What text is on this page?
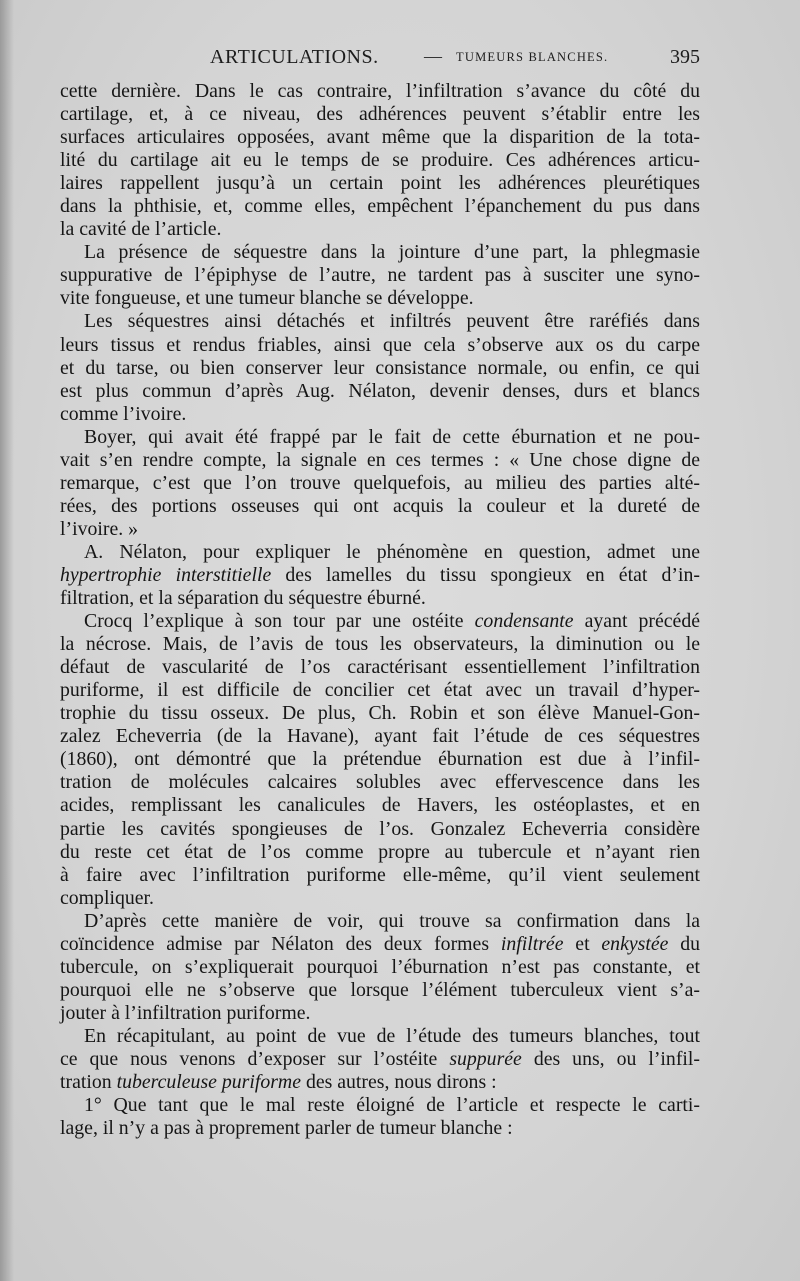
ARTICULATIONS.	— TUMEURS BLANCHES.	395
cette dernière. Dans le cas contraire, l’infiltration s’avance du côté du
cartilage, et, à ce niveau, des adhérences peuvent s’établir entre les
surfaces articulaires opposées, avant même que la disparition de la tota-
lité du cartilage ait eu le temps de se produire. Ces adhérences articu-
laires rappellent jusqu’à un certain point les adhérences pleurétiques
dans la phthisie, et, comme elles, empêchent l’épanchement du pus dans
la cavité de l’article.
La présence de séquestre dans la jointure d’une part, la phlegmasie
suppurative de l’épiphyse de l’autre, ne tardent pas à susciter une syno-
vite fongueuse, et une tumeur blanche se développe.
Les séquestres ainsi détachés et infiltrés peuvent être raréfiés dans
leurs tissus et rendus friables, ainsi que cela s’observe aux os du carpe
et du tarse, ou bien conserver leur consistance normale, ou enfin, ce qui
est plus commun d’après Aug. Nélaton, devenir denses, durs et blancs
comme l’ivoire.
Boyer, qui avait été frappé par le fait de cette éburnation et ne pou-
vait s’en rendre compte, la signale en ces termes : « Une chose digne de
remarque, c’est que l’on trouve quelquefois, au milieu des parties alté-
rées, des portions osseuses qui ont acquis la couleur et la dureté de
l’ivoire. »
A. Nélaton, pour expliquer le phénomène en question, admet une
hypertrophie interstitielle des lamelles du tissu spongieux en état d’in-
filtration, et la séparation du séquestre éburné.
Crocq l’explique à son tour par une ostéite condensante ayant précédé
la nécrose. Mais, de l’avis de tous les observateurs, la diminution ou le
défaut de vascularité de l’os caractérisant essentiellement l’infiltration
puriforme, il est difficile de concilier cet état avec un travail d’hyper-
trophie du tissu osseux. De plus, Ch. Robin et son élève Manuel-Gon-
zalez Echeverria (de la Havane), ayant fait l’étude de ces séquestres
(1860), ont démontré que la prétendue éburnation est due à l’infil-
tration de molécules calcaires solubles avec effervescence dans les
acides, remplissant les canalicules de Havers, les ostéoplastes, et en
partie les cavités spongieuses de l’os. Gonzalez Echeverria considère
du reste cet état de l’os comme propre au tubercule et n’ayant rien
à faire avec l’infiltration puriforme elle-même, qu’il vient seulement
compliquer.
D’après cette manière de voir, qui trouve sa confirmation dans la
coïncidence admise par Nélaton des deux formes infiltrée et enkystée du
tubercule, on s’expliquerait pourquoi l’éburnation n’est pas constante, et
pourquoi elle ne s’observe que lorsque l’élément tuberculeux vient s’a-
jouter à l’infiltration puriforme.
En récapitulant, au point de vue de l’étude des tumeurs blanches, tout
ce que nous venons d’exposer sur l’ostéite suppurée des uns, ou l’infil-
tration tuberculeuse puriforme des autres, nous dirons :
1° Que tant que le mal reste éloigné de l’article et respecte le carti-
lage, il n’y a pas à proprement parler de tumeur blanche :
